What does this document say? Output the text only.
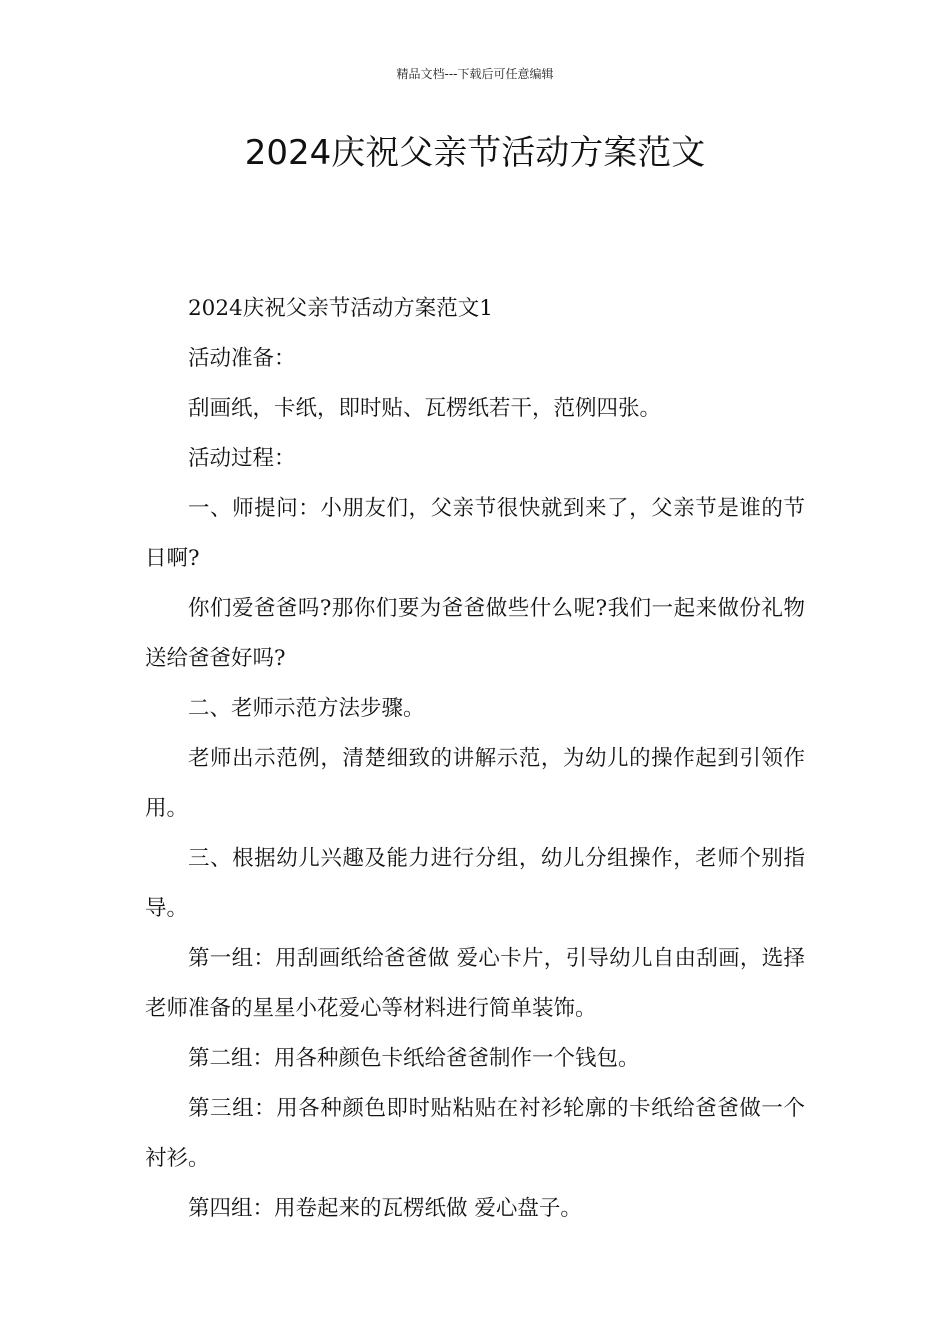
精品文档---下载后可任意编辑
2024庆祝父亲节活动方案范文

2024庆祝父亲节活动方案范文1

活动准备：

刮画纸，卡纸，即时贴、瓦楞纸若干，范例四张。

活动过程：

一、师提问：小朋友们，父亲节很快就到来了，父亲节是谁的节日啊?

你们爱爸爸吗?那你们要为爸爸做些什么呢?我们一起来做份礼物送给爸爸好吗?

二、老师示范方法步骤。

老师出示范例，清楚细致的讲解示范，为幼儿的操作起到引领作用。

三、根据幼儿兴趣及能力进行分组，幼儿分组操作，老师个别指导。

第一组：用刮画纸给爸爸做 爱心卡片，引导幼儿自由刮画，选择老师准备的星星小花爱心等材料进行简单装饰。

第二组：用各种颜色卡纸给爸爸制作一个钱包。

第三组：用各种颜色即时贴粘贴在衬衫轮廓的卡纸给爸爸做一个衬衫。

第四组：用卷起来的瓦楞纸做 爱心盘子。
